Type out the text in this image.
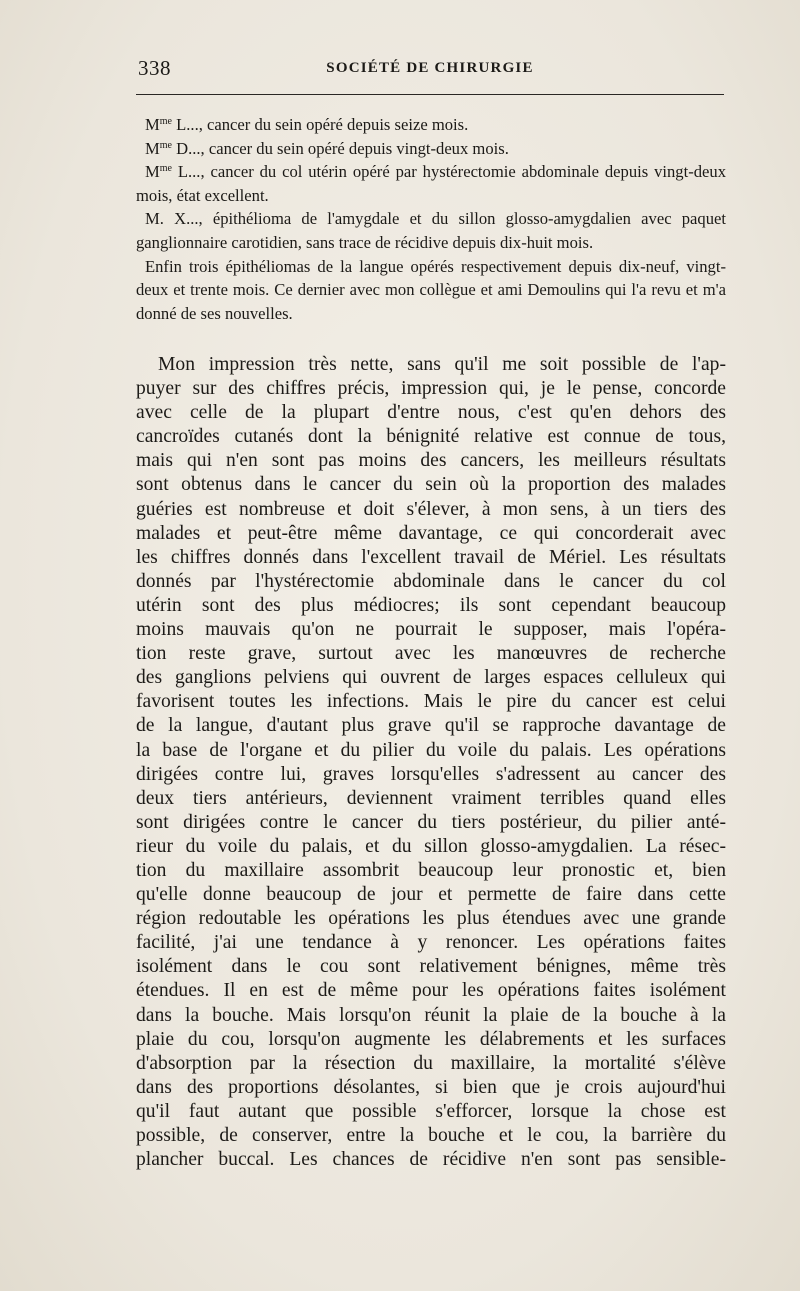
338	SOCIÉTÉ DE CHIRURGIE

$M^{me}$ L..., cancer du sein opéré depuis seize mois.

$M^{me}$ D..., cancer du sein opéré depuis vingt-deux mois.

$M^{me}$ L..., cancer du col utérin opéré par hystérectomie abdominale depuis vingt-deux mois, état excellent.

M. X..., épithélioma de l'amygdale et du sillon glosso-amygdalien avec paquet ganglionnaire carotidien, sans trace de récidive depuis dix-huit mois.

Enfin trois épithéliomas de la langue opérés respectivement depuis dix-neuf, vingt-deux et trente mois. Ce dernier avec mon collègue et ami Demoulins qui l'a revu et m'a donné de ses nouvelles.

Mon impression très nette, sans qu'il me soit possible de l'ap-
puyer sur des chiffres précis, impression qui, je le pense, concorde
avec celle de la plupart d'entre nous, c'est qu'en dehors des
cancroïdes cutanés dont la bénignité relative est connue de tous,
mais qui n'en sont pas moins des cancers, les meilleurs résultats
sont obtenus dans le cancer du sein où la proportion des malades
guéries est nombreuse et doit s'élever, à mon sens, à un tiers des
malades et peut-être même davantage, ce qui concorderait avec
les chiffres donnés dans l'excellent travail de Mériel. Les résultats
donnés par l'hystérectomie abdominale dans le cancer du col
utérin sont des plus médiocres; ils sont cependant beaucoup
moins mauvais qu'on ne pourrait le supposer, mais l'opéra-
tion reste grave, surtout avec les manœuvres de recherche
des ganglions pelviens qui ouvrent de larges espaces celluleux qui
favorisent toutes les infections. Mais le pire du cancer est celui
de la langue, d'autant plus grave qu'il se rapproche davantage de
la base de l'organe et du pilier du voile du palais. Les opérations
dirigées contre lui, graves lorsqu'elles s'adressent au cancer des
deux tiers antérieurs, deviennent vraiment terribles quand elles
sont dirigées contre le cancer du tiers postérieur, du pilier anté-
rieur du voile du palais, et du sillon glosso-amygdalien. La résec-
tion du maxillaire assombrit beaucoup leur pronostic et, bien
qu'elle donne beaucoup de jour et permette de faire dans cette
région redoutable les opérations les plus étendues avec une grande
facilité, j'ai une tendance à y renoncer. Les opérations faites
isolément dans le cou sont relativement bénignes, même très
étendues. Il en est de même pour les opérations faites isolément
dans la bouche. Mais lorsqu'on réunit la plaie de la bouche à la
plaie du cou, lorsqu'on augmente les délabrements et les surfaces
d'absorption par la résection du maxillaire, la mortalité s'élève
dans des proportions désolantes, si bien que je crois aujourd'hui
qu'il faut autant que possible s'efforcer, lorsque la chose est
possible, de conserver, entre la bouche et le cou, la barrière du
plancher buccal. Les chances de récidive n'en sont pas sensible-
